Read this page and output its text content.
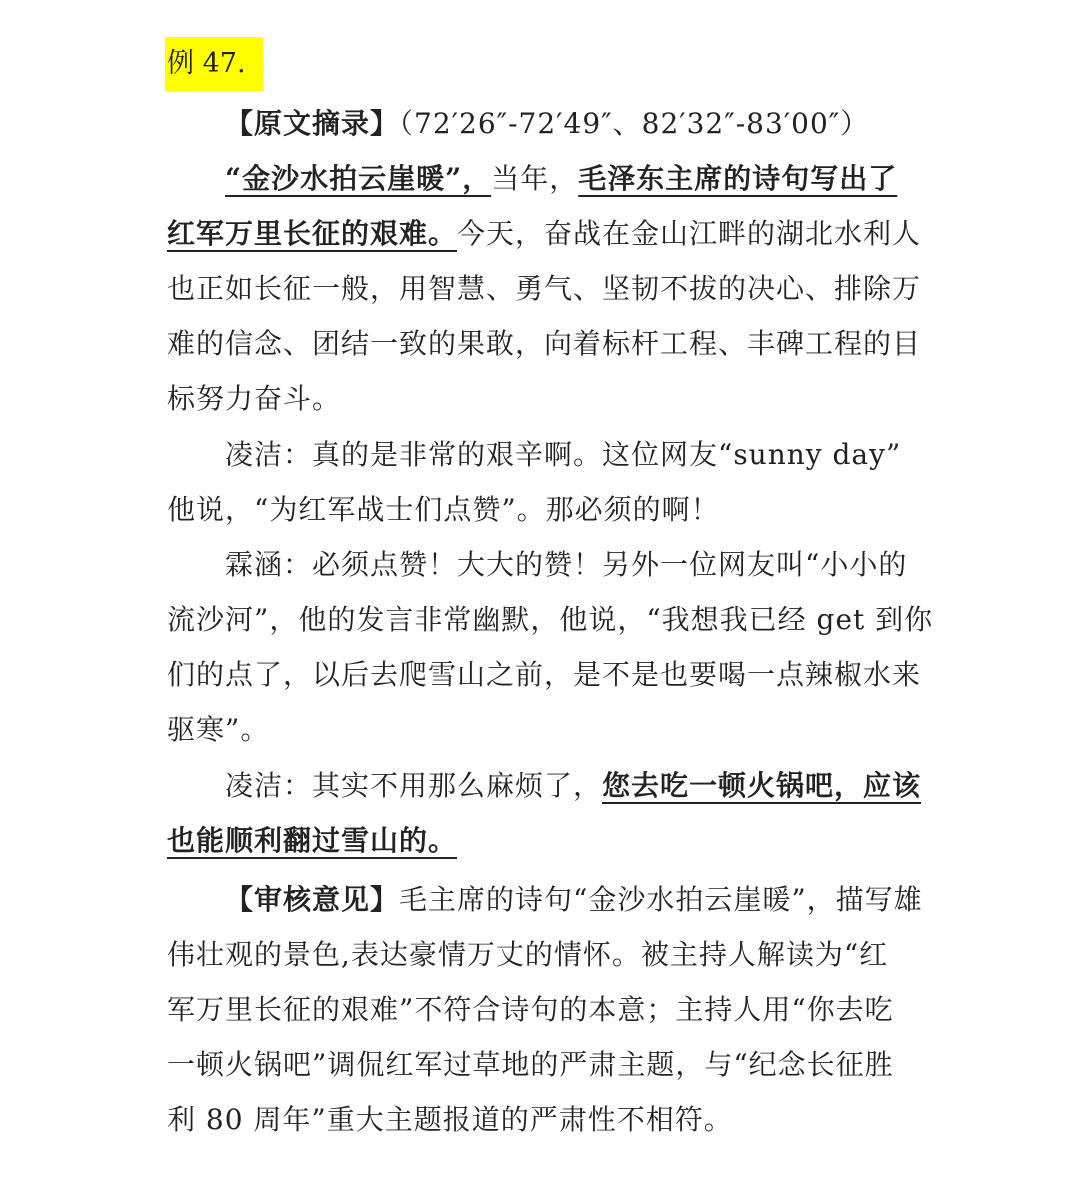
例 47.
【原文摘录】（72′26″-72′49″、82′32″-83′00″）
“金沙水拍云崖暖”，当年，毛泽东主席的诗句写出了
红军万里长征的艰难。今天，奋战在金山江畔的湖北水利人
也正如长征一般，用智慧、勇气、坚韧不拔的决心、排除万
难的信念、团结一致的果敢，向着标杆工程、丰碑工程的目
标努力奋斗。
凌洁：真的是非常的艰辛啊。这位网友“sunny day”
他说，“为红军战士们点赞”。那必须的啊！
霖涵：必须点赞！大大的赞！另外一位网友叫“小小的
流沙河”，他的发言非常幽默，他说，“我想我已经 get 到你
们的点了，以后去爬雪山之前，是不是也要喝一点辣椒水来
驱寒”。
凌洁：其实不用那么麻烦了，您去吃一顿火锅吧，应该
也能顺利翻过雪山的。
【审核意见】毛主席的诗句“金沙水拍云崖暖”，描写雄
伟壮观的景色,表达豪情万丈的情怀。被主持人解读为“红
军万里长征的艰难”不符合诗句的本意；主持人用“你去吃
一顿火锅吧”调侃红军过草地的严肃主题，与“纪念长征胜
利 80 周年”重大主题报道的严肃性不相符。
